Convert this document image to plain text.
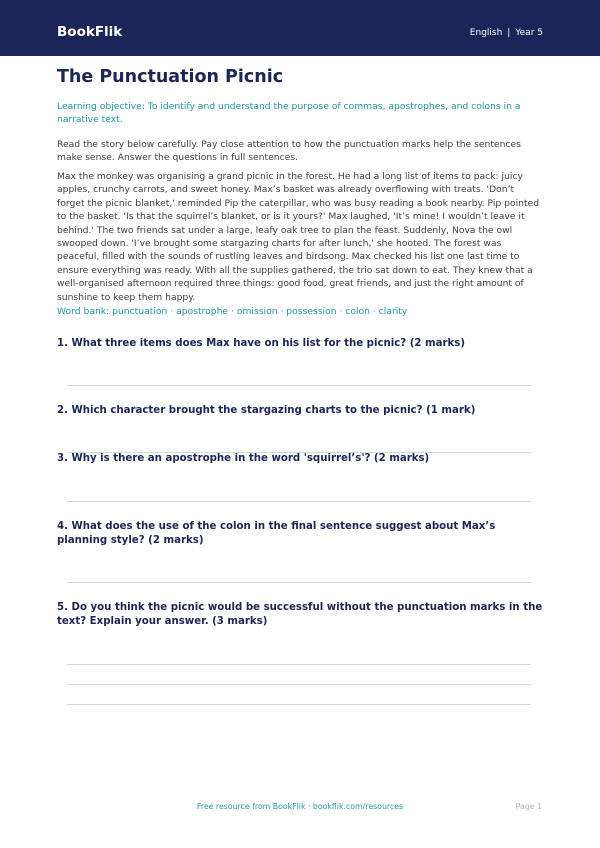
BookFlik	English | Year 5
The Punctuation Picnic

Learning objective: To identify and understand the purpose of commas, apostrophes, and colons in a narrative text.

Read the story below carefully. Pay close attention to how the punctuation marks help the sentences make sense. Answer the questions in full sentences.

Max the monkey was organising a grand picnic in the forest. He had a long list of items to pack: juicy apples, crunchy carrots, and sweet honey. Max’s basket was already overflowing with treats. 'Don’t forget the picnic blanket,' reminded Pip the caterpillar, who was busy reading a book nearby. Pip pointed to the basket. 'Is that the squirrel’s blanket, or is it yours?' Max laughed, 'It’s mine! I wouldn’t leave it behind.' The two friends sat under a large, leafy oak tree to plan the feast. Suddenly, Nova the owl swooped down. 'I’ve brought some stargazing charts for after lunch,' she hooted. The forest was peaceful, filled with the sounds of rustling leaves and birdsong. Max checked his list one last time to ensure everything was ready. With all the supplies gathered, the trio sat down to eat. They knew that a well-organised afternoon required three things: good food, great friends, and just the right amount of sunshine to keep them happy.

Word bank: punctuation · apostrophe · omission · possession · colon · clarity

1. What three items does Max have on his list for the picnic? (2 marks)

2. Which character brought the stargazing charts to the picnic? (1 mark)

3. Why is there an apostrophe in the word 'squirrel’s'? (2 marks)

4. What does the use of the colon in the final sentence suggest about Max’s planning style? (2 marks)

5. Do you think the picnic would be successful without the punctuation marks in the text? Explain your answer. (3 marks)

Free resource from BookFlik · bookflik.com/resources	Page 1
